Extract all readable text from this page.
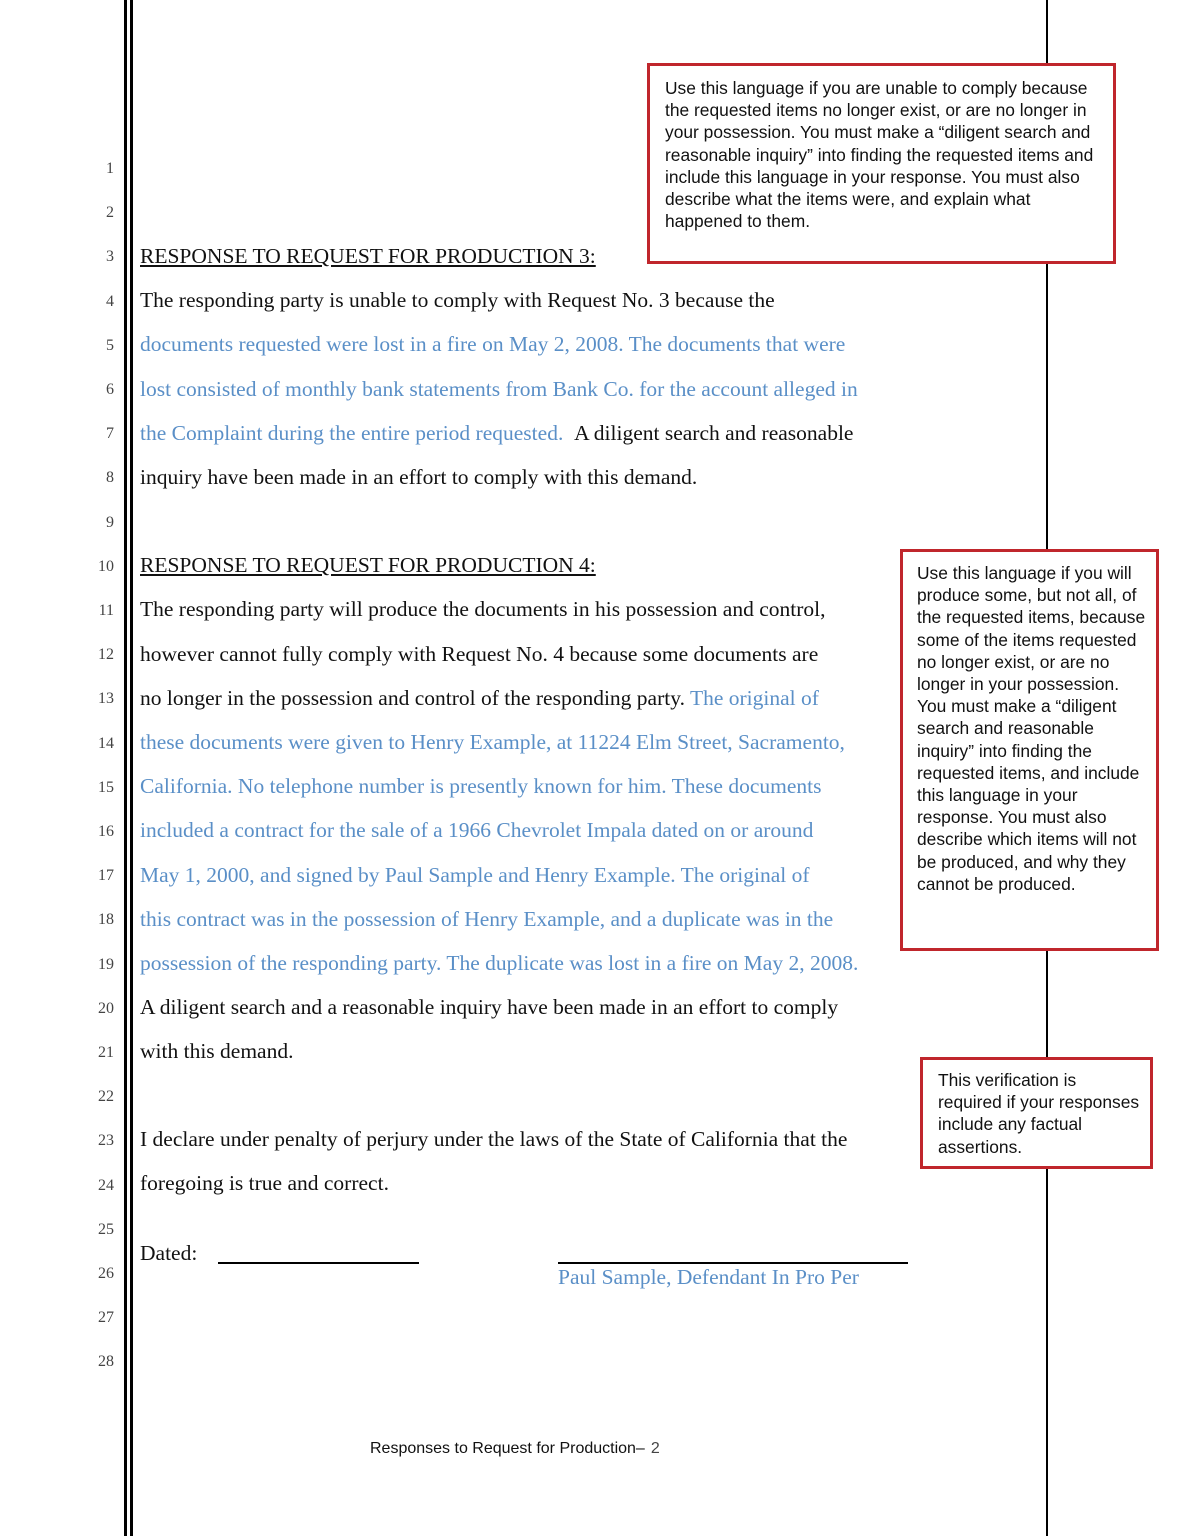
1
2
3
4
5
6
7
8
9
10
11
12
13
14
15
16
17
18
19
20
21
22
23
24
25
26
27
28
RESPONSE TO REQUEST FOR PRODUCTION 3:
The responding party is unable to comply with Request No. 3 because the
documents requested were lost in a fire on May 2, 2008. The documents that were
lost consisted of monthly bank statements from Bank Co. for the account alleged in
the Complaint during the entire period requested. A diligent search and reasonable
inquiry have been made in an effort to comply with this demand.
RESPONSE TO REQUEST FOR PRODUCTION 4:
The responding party will produce the documents in his possession and control,
however cannot fully comply with Request No. 4 because some documents are
no longer in the possession and control of the responding party. The original of
these documents were given to Henry Example, at 11224 Elm Street, Sacramento,
California. No telephone number is presently known for him. These documents
included a contract for the sale of a 1966 Chevrolet Impala dated on or around
May 1, 2000, and signed by Paul Sample and Henry Example. The original of
this contract was in the possession of Henry Example, and a duplicate was in the
possession of the responding party. The duplicate was lost in a fire on May 2, 2008.
A diligent search and a reasonable inquiry have been made in an effort to comply
with this demand.
I declare under penalty of perjury under the laws of the State of California that the
foregoing is true and correct.
Dated:
Paul Sample, Defendant In Pro Per
Use this language if you are unable to comply because the requested items no longer exist, or are no longer in your possession. You must make a “diligent search and reasonable inquiry” into finding the requested items and include this language in your response. You must also describe what the items were, and explain what happened to them.
Use this language if you will produce some, but not all, of the requested items, because some of the items requested no longer exist, or are no longer in your possession. You must make a “diligent search and reasonable inquiry” into finding the requested items, and include this language in your response. You must also describe which items will not be produced, and why they cannot be produced.
This verification is required if your responses include any factual assertions.
Responses to Request for Production– 2
